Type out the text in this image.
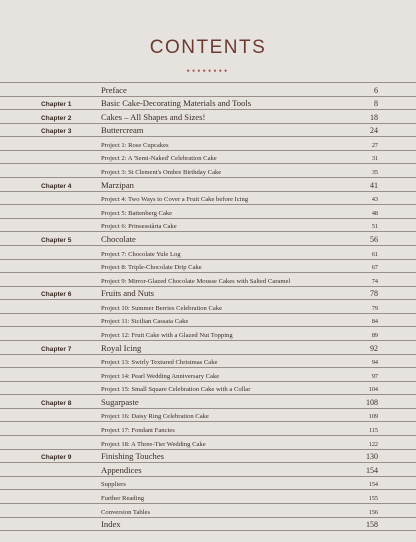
CONTENTS
••••••••
Preface	6
Chapter 1	Basic Cake-Decorating Materials and Tools	8
Chapter 2	Cakes – All Shapes and Sizes!	18
Chapter 3	Buttercream	24
Project 1: Rose Cupcakes	27
Project 2: A 'Semi-Naked' Celebration Cake	31
Project 3: St Clement's Ombre Birthday Cake	35
Chapter 4	Marzipan	41
Project 4: Two Ways to Cover a Fruit Cake before Icing	43
Project 5: Battenberg Cake	48
Project 6: Prinsesstårta Cake	51
Chapter 5	Chocolate	56
Project 7: Chocolate Yule Log	61
Project 8: Triple-Chocolate Drip Cake	67
Project 9: Mirror-Glazed Chocolate Mousse Cakes with Salted Caramel	74
Chapter 6	Fruits and Nuts	78
Project 10: Summer Berries Celebration Cake	79
Project 11: Sicilian Cassata Cake	84
Project 12: Fruit Cake with a Glazed Nut Topping	89
Chapter 7	Royal Icing	92
Project 13: Swirly Textured Christmas Cake	94
Project 14: Pearl Wedding Anniversary Cake	97
Project 15: Small Square Celebration Cake with a Collar	104
Chapter 8	Sugarpaste	108
Project 16: Daisy Ring Celebration Cake	109
Project 17: Fondant Fancies	115
Project 18: A Three-Tier Wedding Cake	122
Chapter 9	Finishing Touches	130
Appendices	154
Suppliers	154
Further Reading	155
Conversion Tables	156
Index	158
